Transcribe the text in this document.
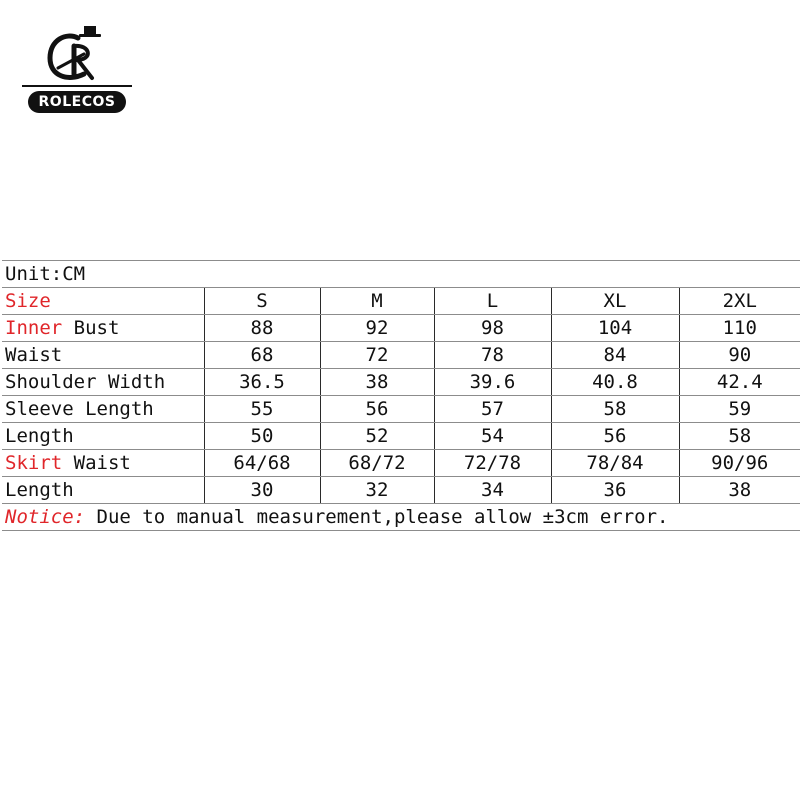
ROLECOS
Unit:CM					
Size	S	M	L	XL	2XL
Inner Bust	88	92	98	104	110
Waist	68	72	78	84	90
Shoulder Width	36.5	38	39.6	40.8	42.4
Sleeve Length	55	56	57	58	59
Length	50	52	54	56	58
Skirt Waist	64/68	68/72	72/78	78/84	90/96
Length	30	32	34	36	38
Notice: Due to manual measurement,please allow ±3cm error.					
